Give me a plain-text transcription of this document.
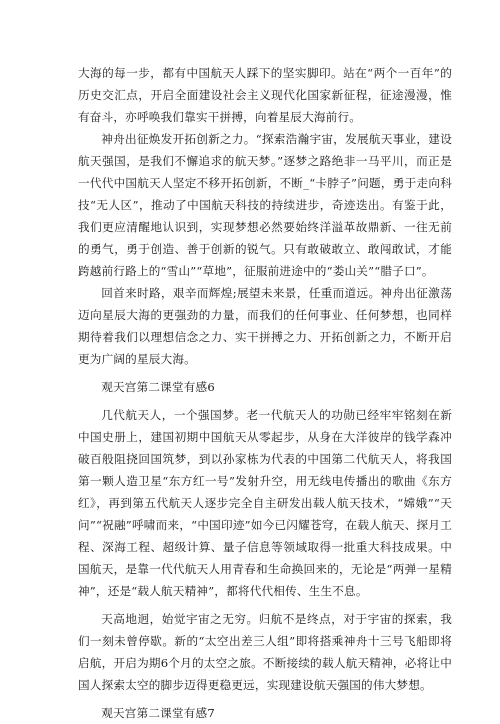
大海的每一步，都有中国航天人踩下的坚实脚印。站在“两个一百年”的历史交汇点，开启全面建设社会主义现代化国家新征程，征途漫漫，惟有奋斗，亦呼唤我们靠实干拼搏，向着星辰大海前行。

神舟出征焕发开拓创新之力。“探索浩瀚宇宙，发展航天事业，建设航天强国，是我们不懈追求的航天梦。”逐梦之路绝非一马平川，而正是一代代中国航天人坚定不移开拓创新，不断_“卡脖子”问题，勇于走向科技“无人区”，推动了中国航天科技的持续进步，奇迹迭出。有鉴于此，我们更应清醒地认识到，实现梦想必然要始终洋溢革故鼎新、一往无前的勇气，勇于创造、善于创新的锐气。只有敢破敢立、敢闯敢试，才能跨越前行路上的“雪山”“草地”，征服前进途中的“娄山关”“腊子口”。

回首来时路，艰辛而辉煌;展望未来景，任重而道远。神舟出征激荡迈向星辰大海的更强劲的力量，而我们的任何事业、任何梦想，也同样期待着我们以理想信念之力、实干拼搏之力、开拓创新之力，不断开启更为广阔的星辰大海。

观天宫第二课堂有感6

几代航天人，一个强国梦。老一代航天人的功勋已经牢牢铭刻在新中国史册上，建国初期中国航天从零起步，从身在大洋彼岸的钱学森冲破百般阻挠回国筑梦，到以孙家栋为代表的中国第二代航天人，将我国第一颗人造卫星“东方红一号”发射升空，用无线电传播出的歌曲《东方红》，再到第五代航天人逐步完全自主研发出载人航天技术，“嫦娥”“天问”“祝融”呼啸而来，“中国印迹”如今已闪耀苍穹，在载人航天、探月工程、深海工程、超级计算、量子信息等领域取得一批重大科技成果。中国航天，是靠一代代航天人用青春和生命换回来的，无论是“两弹一星精神”，还是“载人航天精神”，都将代代相传、生生不息。

天高地迥，始觉宇宙之无穷。归航不是终点，对于宇宙的探索，我们一刻未曾停歇。新的“太空出差三人组”即将搭乘神舟十三号飞船即将启航，开启为期6个月的太空之旅。不断接续的载人航天精神，必将让中国人探索太空的脚步迈得更稳更远，实现建设航天强国的伟大梦想。

观天宫第二课堂有感7
